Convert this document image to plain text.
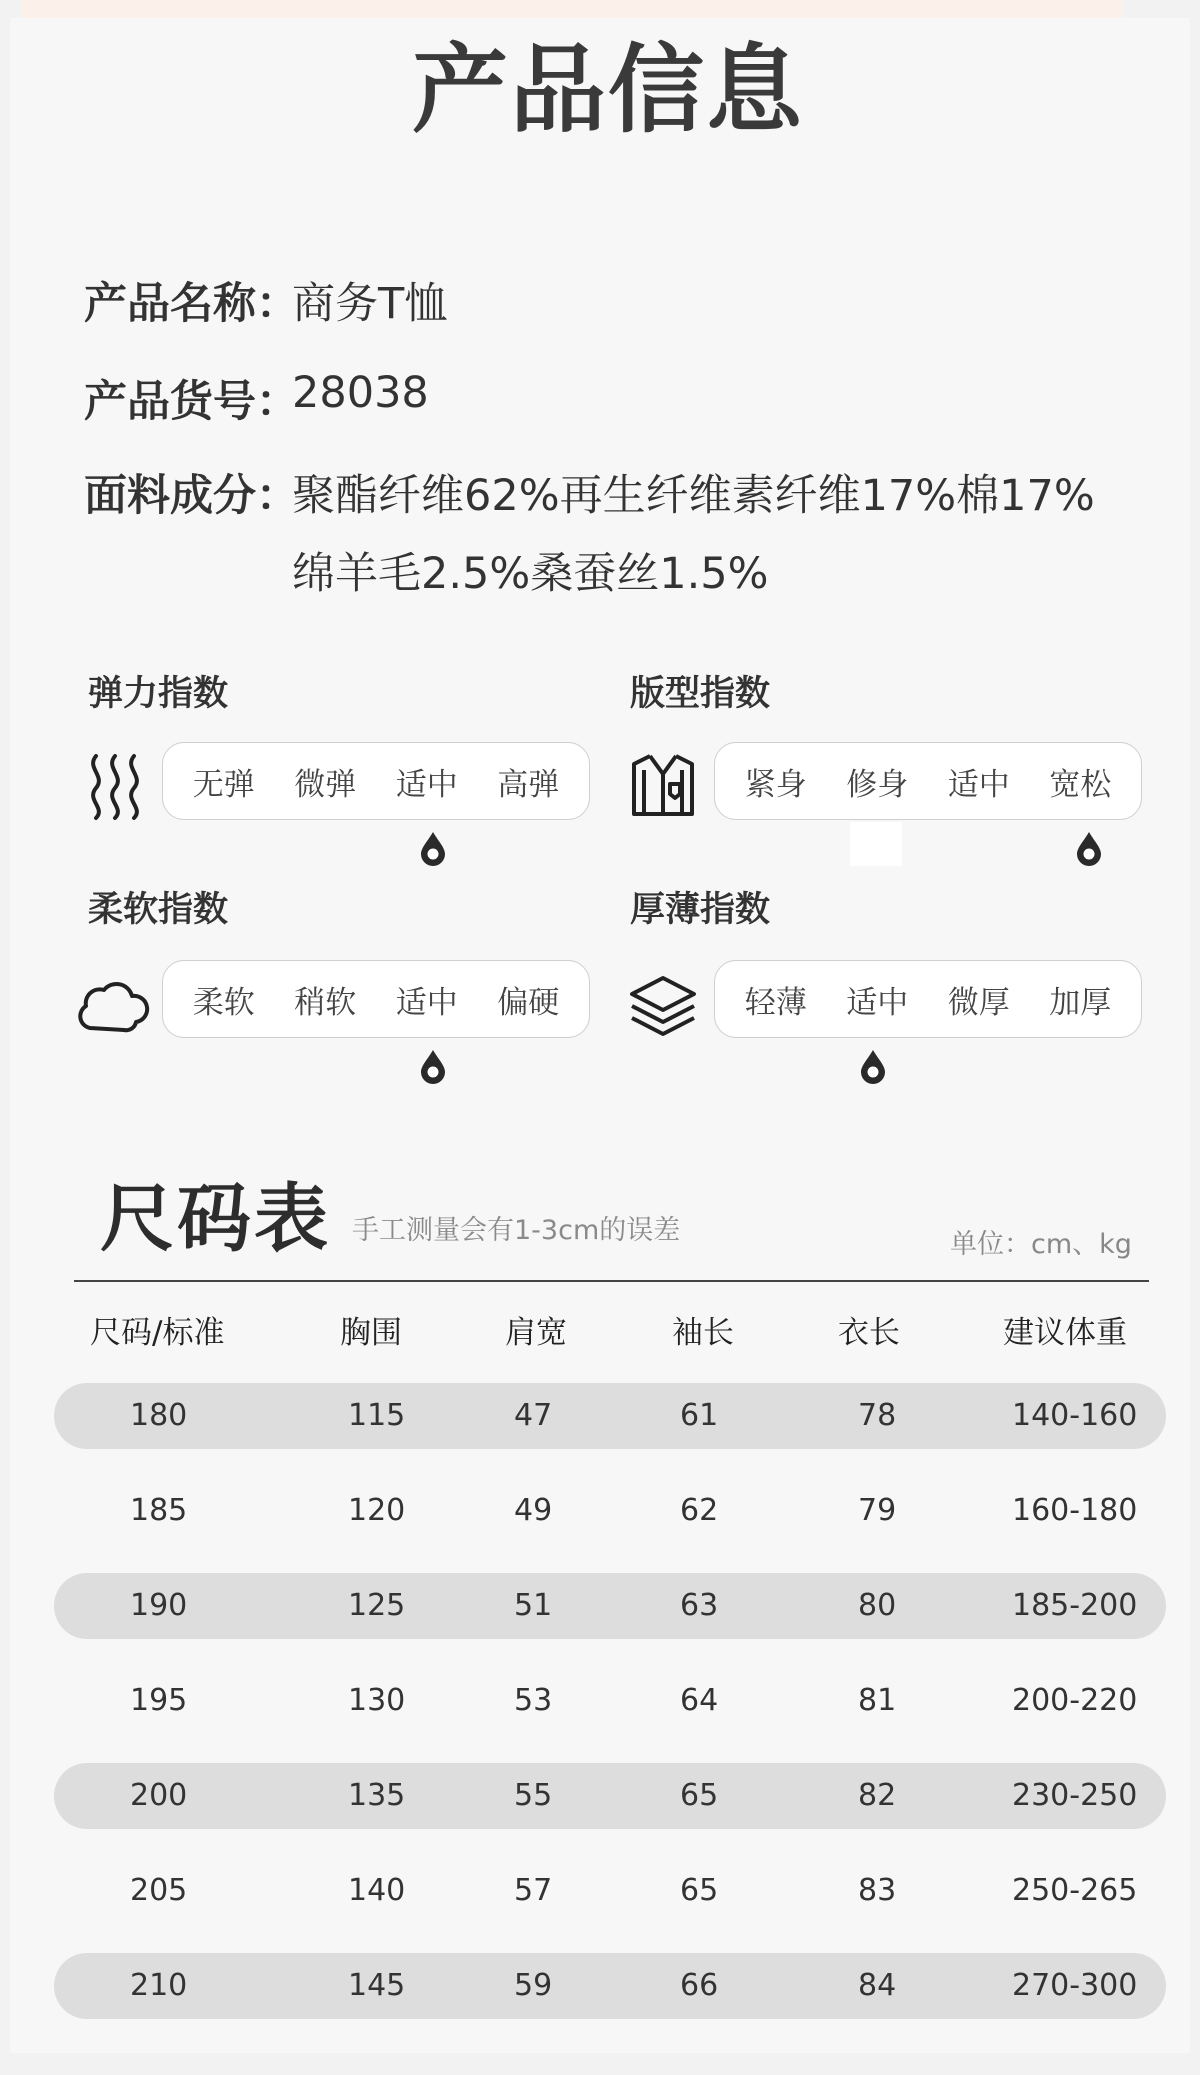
产品信息
产品名称：
商务T恤
产品货号：
28038
面料成分：
聚酯纤维62%再生纤维素纤维17%棉17%
绵羊毛2.5%桑蚕丝1.5%
弹力指数
无弹 微弹 适中 高弹
版型指数
紧身 修身 适中 宽松
柔软指数
柔软 稍软 适中 偏硬
厚薄指数
轻薄 适中 微厚 加厚
尺码表 手工测量会有1-3cm的误差	单位：cm、kg
尺码/标准	胸围	肩宽	袖长	衣长	建议体重
180	115	47	61	78	140-160
185	120	49	62	79	160-180
190	125	51	63	80	185-200
195	130	53	64	81	200-220
200	135	55	65	82	230-250
205	140	57	65	83	250-265
210	145	59	66	84	270-300
